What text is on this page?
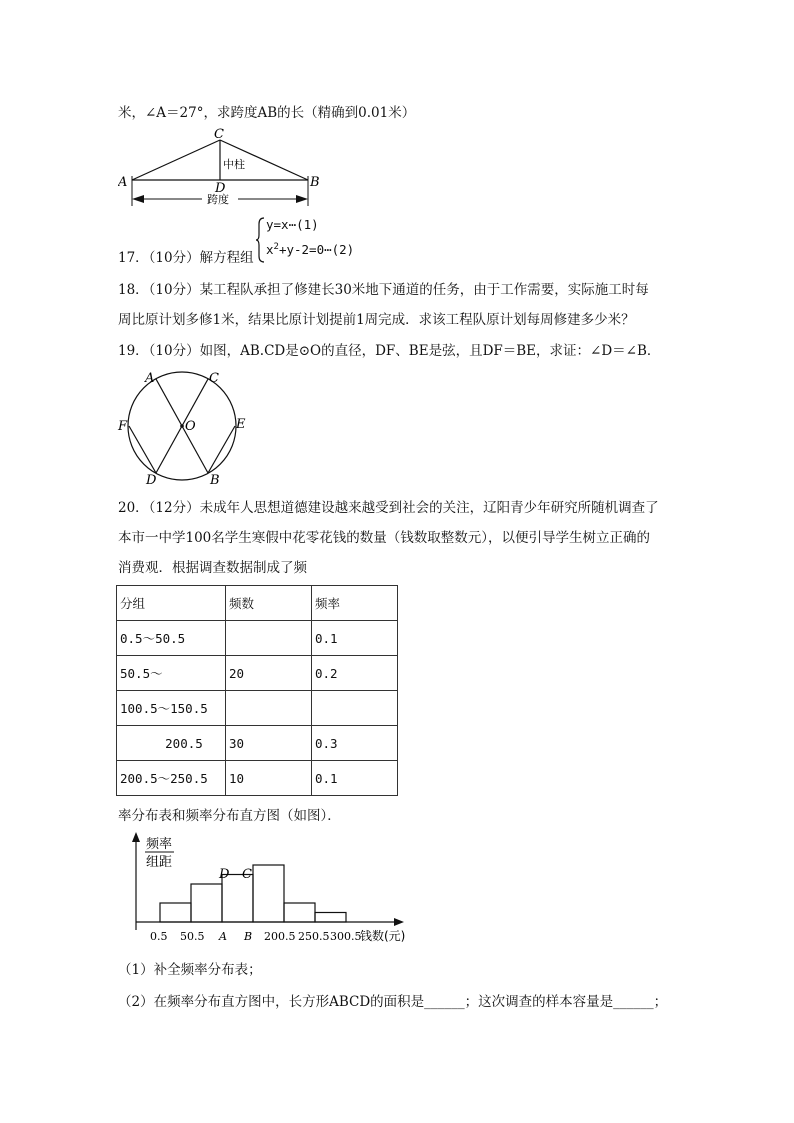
米，∠A＝27°，求跨度AB的长（精确到0.01米）
C
A	B
D
中柱
跨度
17．（10分）解方程组
y=x⋯(1)
$x^2+y-2=0\cdots(2)$
18．（10分）某工程队承担了修建长30米地下通道的任务，由于工作需要，实际施工时每
周比原计划多修1米，结果比原计划提前1周完成．求该工程队原计划每周修建多少米？
19．（10分）如图，AB.CD是⊙O的直径，DF、BE是弦，且DF＝BE，求证：∠D＝∠B．
A	C
F	O	E
D	B
20．（12分）未成年人思想道德建设越来越受到社会的关注，辽阳青少年研究所随机调查了
本市一中学100名学生寒假中花零花钱的数量（钱数取整数元），以便引导学生树立正确的
消费观．根据调查数据制成了频
分组	频数	频率
0.5～50.5		0.1
50.5～	20	0.2
100.5～150.5		
200.5	30	0.3
200.5～250.5	10	0.1
率分布表和频率分布直方图（如图）．
频率
组距
D C
0.5 50.5 A B 200.5 250.5 300.5
钱数(元)
（1）补全频率分布表；
（2）在频率分布直方图中，长方形ABCD的面积是______；这次调查的样本容量是______；
